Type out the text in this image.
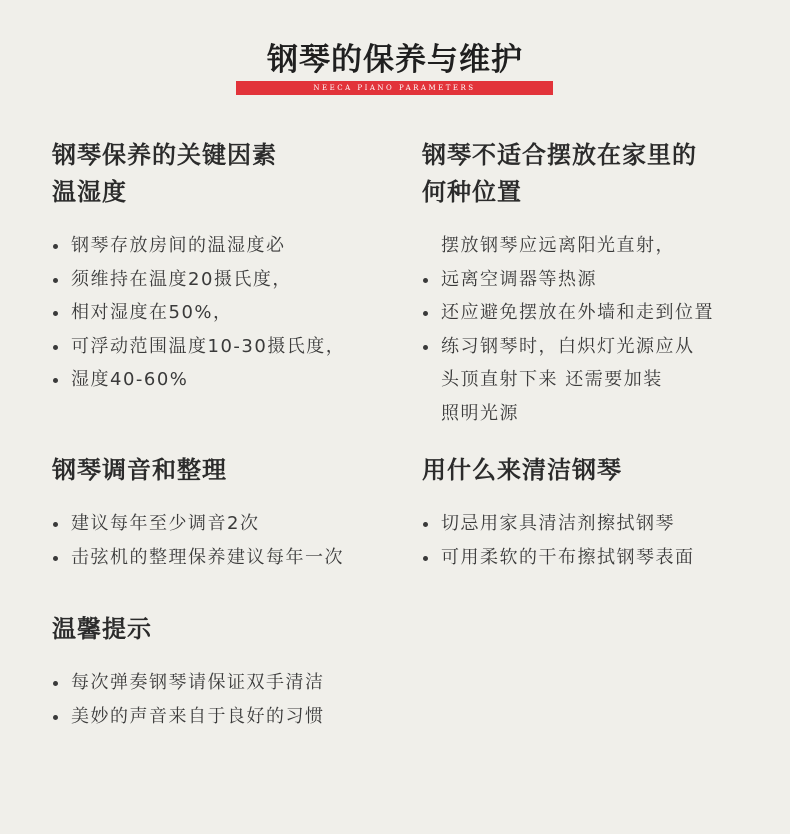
钢琴的保养与维护
NEECA PIANO PARAMETERS
钢琴保养的关键因素
温湿度
钢琴存放房间的温湿度必
须维持在温度20摄氏度，
相对湿度在50%，
可浮动范围温度10-30摄氏度，
湿度40-60%
钢琴不适合摆放在家里的
何种位置
摆放钢琴应远离阳光直射，
远离空调器等热源
还应避免摆放在外墙和走到位置
练习钢琴时，白炽灯光源应从
头顶直射下来 还需要加装
照明光源
钢琴调音和整理
建议每年至少调音2次
击弦机的整理保养建议每年一次
用什么来清洁钢琴
切忌用家具清洁剂擦拭钢琴
可用柔软的干布擦拭钢琴表面
温馨提示
每次弹奏钢琴请保证双手清洁
美妙的声音来自于良好的习惯
